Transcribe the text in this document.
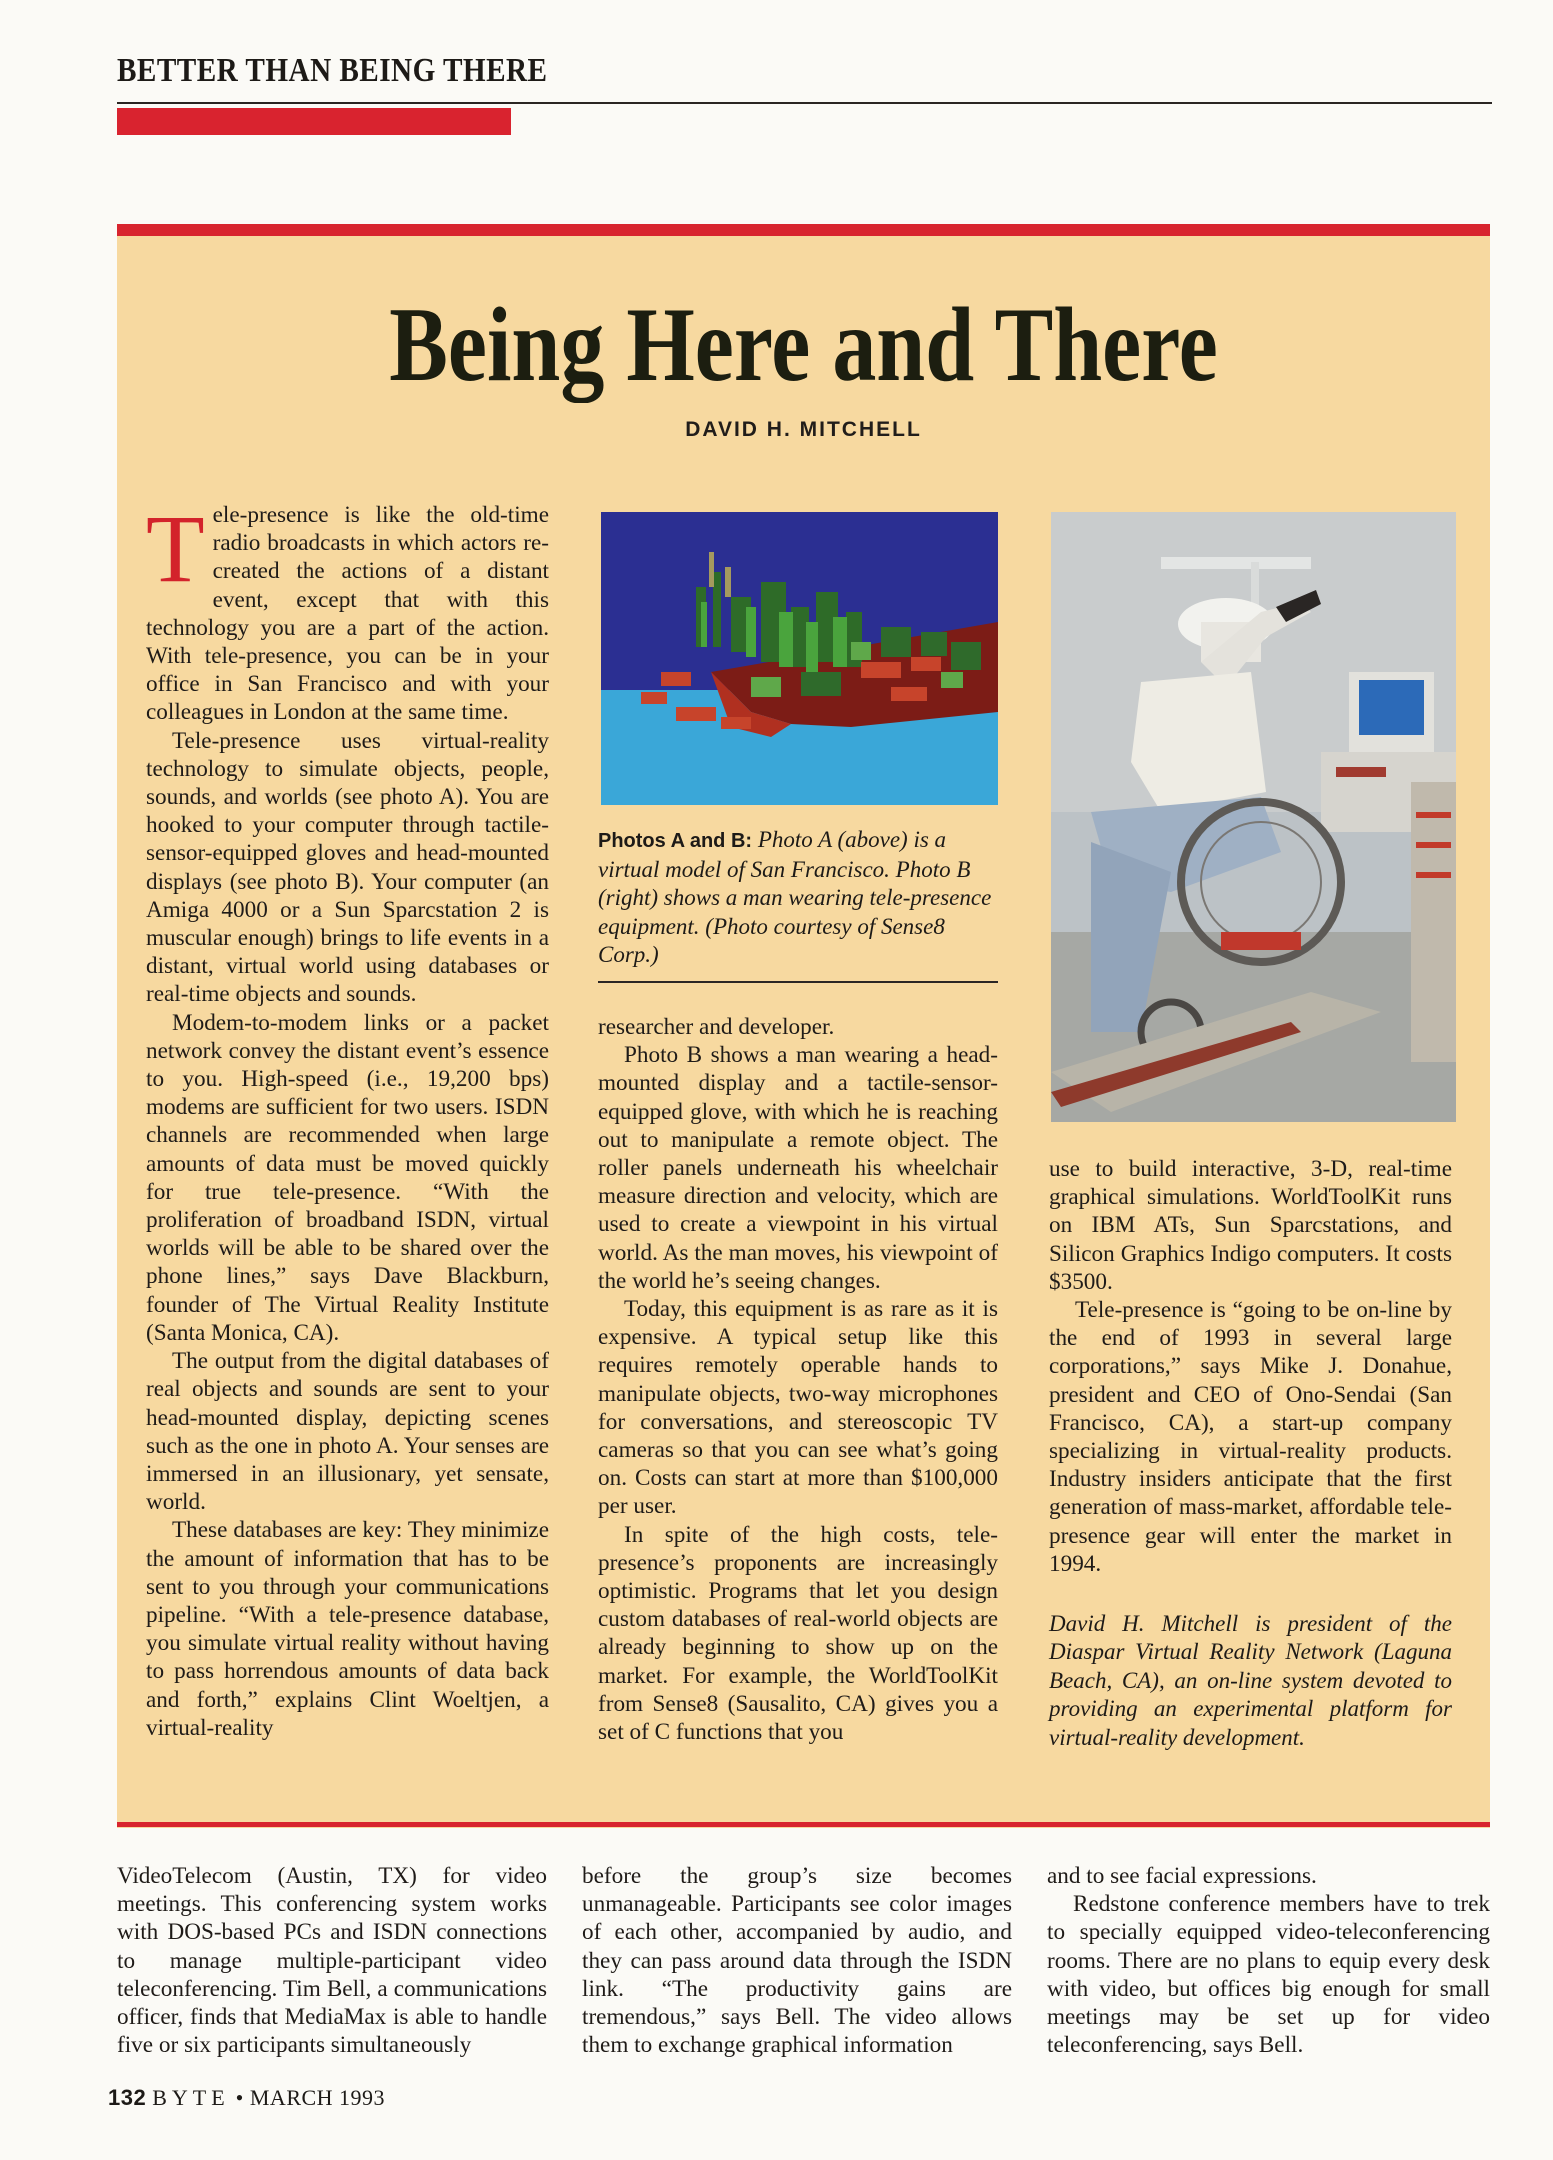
BETTER THAN BEING THERE
Being Here and There
DAVID H. MITCHELL

Tele-presence is like the old-time radio broadcasts in which actors re-created the actions of a distant event, except that with this technology you are a part of the action. With tele-presence, you can be in your office in San Francisco and with your colleagues in London at the same time.

Tele-presence uses virtual-reality technology to simulate objects, people, sounds, and worlds (see photo A). You are hooked to your computer through tactile-sensor-equipped gloves and head-mounted displays (see photo B). Your computer (an Amiga 4000 or a Sun Sparcstation 2 is muscular enough) brings to life events in a distant, virtual world using databases or real-time objects and sounds.

Modem-to-modem links or a packet network convey the distant event’s essence to you. High-speed (i.e., 19,200 bps) modems are sufficient for two users. ISDN channels are recommended when large amounts of data must be moved quickly for true tele-presence. “With the proliferation of broadband ISDN, virtual worlds will be able to be shared over the phone lines,” says Dave Blackburn, founder of The Virtual Reality Institute (Santa Monica, CA).

The output from the digital databases of real objects and sounds are sent to your head-mounted display, depicting scenes such as the one in photo A. Your senses are immersed in an illusionary, yet sensate, world.

These databases are key: They minimize the amount of information that has to be sent to you through your communications pipeline. “With a tele-presence database, you simulate virtual reality without having to pass horrendous amounts of data back and forth,” explains Clint Woeltjen, a virtual-reality

Photos A and B: Photo A (above) is a virtual model of San Francisco. Photo B (right) shows a man wearing tele-presence equipment. (Photo courtesy of Sense8 Corp.)

researcher and developer.

Photo B shows a man wearing a head-mounted display and a tactile-sensor-equipped glove, with which he is reaching out to manipulate a remote object. The roller panels underneath his wheelchair measure direction and velocity, which are used to create a viewpoint in his virtual world. As the man moves, his viewpoint of the world he’s seeing changes.

Today, this equipment is as rare as it is expensive. A typical setup like this requires remotely operable hands to manipulate objects, two-way microphones for conversations, and stereoscopic TV cameras so that you can see what’s going on. Costs can start at more than $100,000 per user.

In spite of the high costs, tele-presence’s proponents are increasingly optimistic. Programs that let you design custom databases of real-world objects are already beginning to show up on the market. For example, the WorldToolKit from Sense8 (Sausalito, CA) gives you a set of C functions that you

use to build interactive, 3-D, real-time graphical simulations. WorldToolKit runs on IBM ATs, Sun Sparcstations, and Silicon Graphics Indigo computers. It costs $3500.

Tele-presence is “going to be on-line by the end of 1993 in several large corporations,” says Mike J. Donahue, president and CEO of Ono-Sendai (San Francisco, CA), a start-up company specializing in virtual-reality products. Industry insiders anticipate that the first generation of mass-market, affordable tele-presence gear will enter the market in 1994.

David H. Mitchell is president of the Diaspar Virtual Reality Network (Laguna Beach, CA), an on-line system devoted to providing an experimental platform for virtual-reality development.

VideoTelecom (Austin, TX) for video meetings. This conferencing system works with DOS-based PCs and ISDN connections to manage multiple-participant video teleconferencing. Tim Bell, a communications officer, finds that MediaMax is able to handle five or six participants simultaneously

before the group’s size becomes unmanageable. Participants see color images of each other, accompanied by audio, and they can pass around data through the ISDN link. “The productivity gains are tremendous,” says Bell. The video allows them to exchange graphical information

and to see facial expressions.

Redstone conference members have to trek to specially equipped video-teleconferencing rooms. There are no plans to equip every desk with video, but offices big enough for small meetings may be set up for video teleconferencing, says Bell.

132 BYTE • MARCH 1993
